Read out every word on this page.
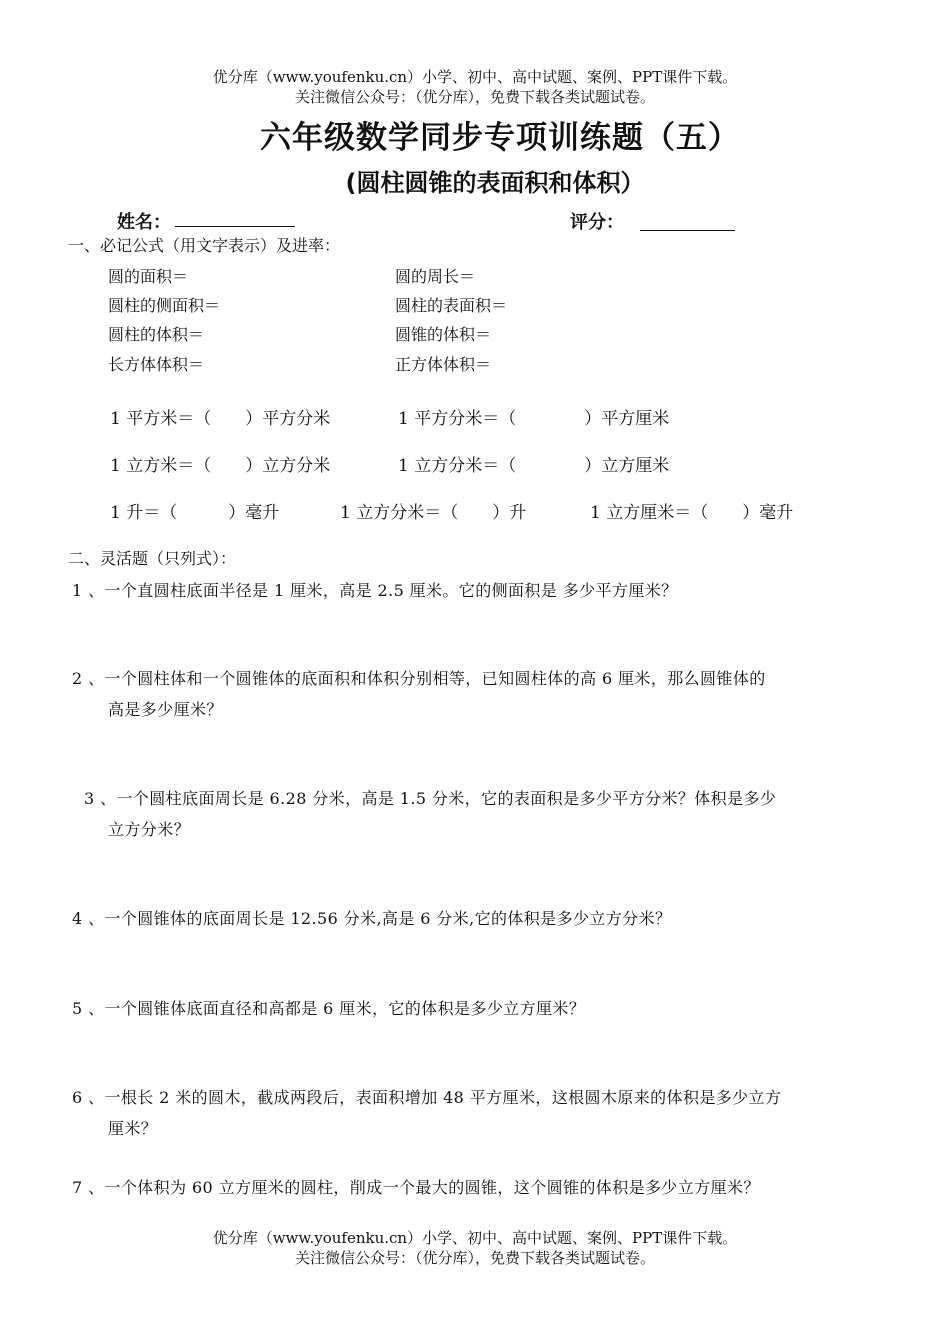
优分库（www.youfenku.cn）小学、初中、高中试题、案例、PPT课件下载。
关注微信公众号：（优分库），免费下载各类试题试卷。
六年级数学同步专项训练题（五）
(圆柱圆锥的表面积和体积）
姓名：	评分：
一、必记公式（用文字表示）及进率：
圆的面积＝	圆的周长＝
圆柱的侧面积＝	圆柱的表面积＝
圆柱的体积＝	圆锥的体积＝
长方体体积＝	正方体体积＝
1 平方米＝（　　）平方分米	1 平方分米＝（　　　　）平方厘米
1 立方米＝（　　）立方分米	1 立方分米＝（　　　　）立方厘米
1 升＝（　　　）毫升	1 立方分米＝（　　）升	1 立方厘米＝（　　）毫升
二、灵活题（只列式）：
1 、一个直圆柱底面半径是 1 厘米，高是 2.5 厘米。它的侧面积是 多少平方厘米？
2 、一个圆柱体和一个圆锥体的底面积和体积分别相等，已知圆柱体的高 6 厘米，那么圆锥体的
高是多少厘米？
3 、一个圆柱底面周长是 6.28 分米，高是 1.5 分米，它的表面积是多少平方分米？体积是多少
立方分米？
4 、一个圆锥体的底面周长是 12.56 分米,高是 6 分米,它的体积是多少立方分米？
5 、一个圆锥体底面直径和高都是 6 厘米，它的体积是多少立方厘米？
6 、一根长 2 米的圆木，截成两段后，表面积增加 48 平方厘米，这根圆木原来的体积是多少立方
厘米？
7 、一个体积为 60 立方厘米的圆柱，削成一个最大的圆锥，这个圆锥的体积是多少立方厘米？
优分库（www.youfenku.cn）小学、初中、高中试题、案例、PPT课件下载。
关注微信公众号：（优分库），免费下载各类试题试卷。
